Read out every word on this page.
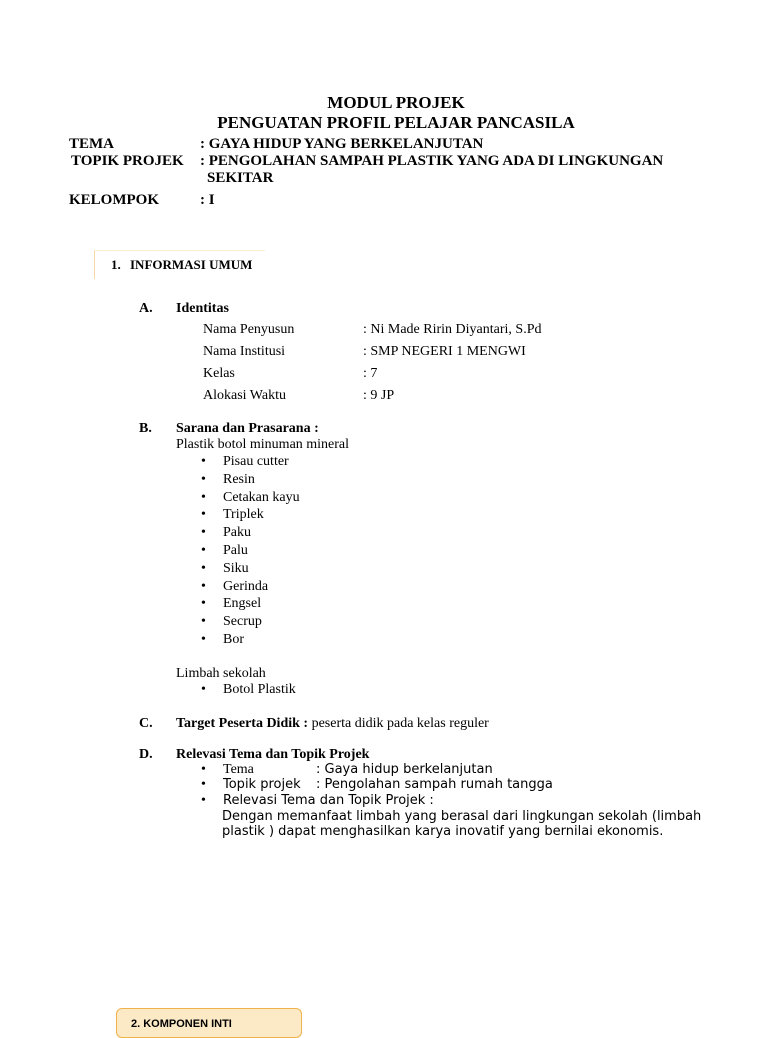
MODUL PROJEK
PENGUATAN PROFIL PELAJAR PANCASILA
TEMA	: GAYA HIDUP YANG BERKELANJUTAN
TOPIK PROJEK : PENGOLAHAN SAMPAH PLASTIK YANG ADA DI LINGKUNGAN
SEKITAR
KELOMPOK	: I
1. INFORMASI UMUM
A. Identitas
Nama Penyusun	: Ni Made Ririn Diyantari, S.Pd
Nama Institusi	: SMP NEGERI 1 MENGWI
Kelas	: 7
Alokasi Waktu	: 9 JP
B. Sarana dan Prasarana :
Plastik botol minuman mineral
• Pisau cutter
• Resin
• Cetakan kayu
• Triplek
• Paku
• Palu
• Siku
• Gerinda
• Engsel
• Secrup
• Bor
Limbah sekolah
• Botol Plastik
C. Target Peserta Didik : peserta didik pada kelas reguler
D. Relevasi Tema dan Topik Projek
• Tema	: Gaya hidup berkelanjutan
• Topik projek : Pengolahan sampah rumah tangga
• Relevasi Tema dan Topik Projek :
Dengan memanfaat limbah yang berasal dari lingkungan sekolah (limbah
plastik ) dapat menghasilkan karya inovatif yang bernilai ekonomis.
2. KOMPONEN INTI
